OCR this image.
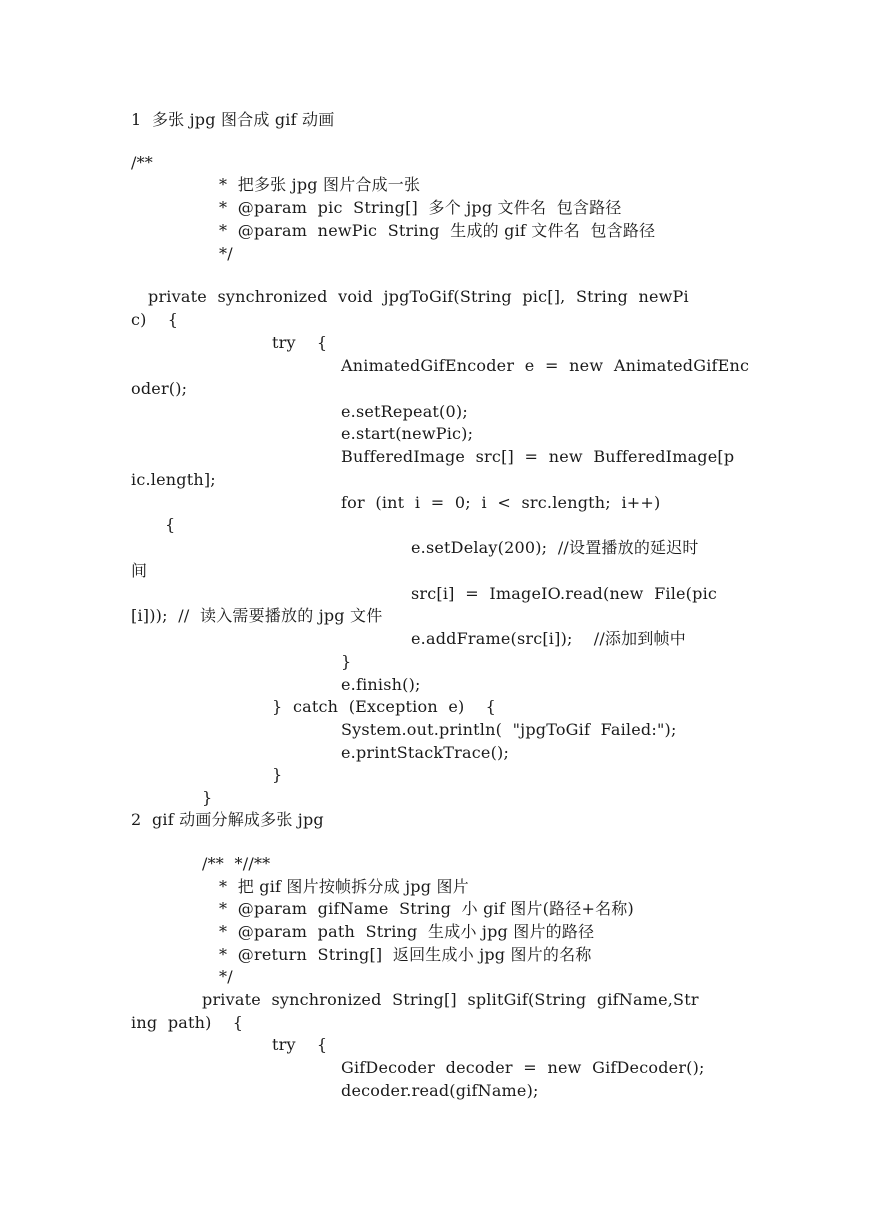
1  多张 jpg 图合成 gif 动画
/**
*  把多张 jpg 图片合成一张
*  @param  pic  String[]  多个 jpg 文件名  包含路径
*  @param  newPic  String  生成的 gif 文件名  包含路径
*/
private  synchronized  void  jpgToGif(String  pic[],  String  newPi
c)    {
try    {
AnimatedGifEncoder  e  =  new  AnimatedGifEnc
oder();
e.setRepeat(0);
e.start(newPic);
BufferedImage  src[]  =  new  BufferedImage[p
ic.length];
for  (int  i  =  0;  i  <  src.length;  i++)
{
e.setDelay(200);  //设置播放的延迟时
间
src[i]  =  ImageIO.read(new  File(pic
[i]));  //  读入需要播放的 jpg 文件
e.addFrame(src[i]);    //添加到帧中
}
e.finish();
}  catch  (Exception  e)    {
System.out.println(  "jpgToGif  Failed:");
e.printStackTrace();
}
}
2  gif 动画分解成多张 jpg
/**  *//**
*  把 gif 图片按帧拆分成 jpg 图片
*  @param  gifName  String  小 gif 图片(路径+名称)
*  @param  path  String  生成小 jpg 图片的路径
*  @return  String[]  返回生成小 jpg 图片的名称
*/
private  synchronized  String[]  splitGif(String  gifName,Str
ing  path)    {
try    {
GifDecoder  decoder  =  new  GifDecoder();
decoder.read(gifName);
